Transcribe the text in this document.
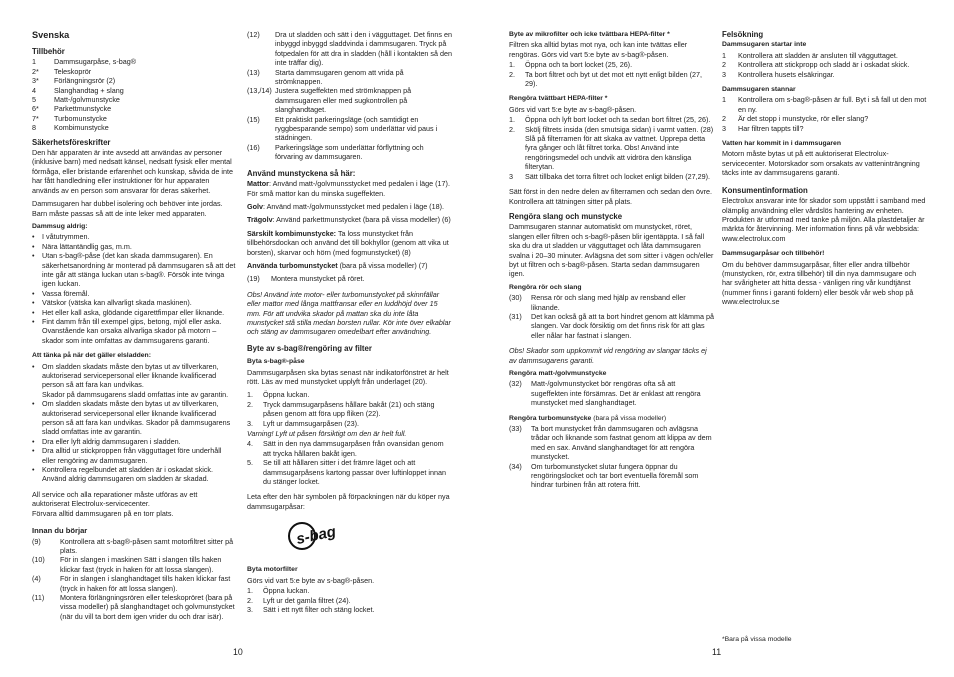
Svenska
Tillbehör
1	Dammsugarpåse, s-bag®
2*	Teleskoprör
3*	Förlängningsrör (2)
4	Slanghandtag + slang
5	Matt-/golvmunstycke
6*	Parkettmunstycke
7*	Turbomunstycke
8	Kombimunstycke
Säkerhetsföreskrifter

Den här apparaten är inte avsedd att användas av personer (inklusive barn) med nedsatt känsel, nedsatt fysisk eller mental förmåga, eller bristande erfarenhet och kunskap, såvida de inte har fått handledning eller instruktioner för hur apparaten används av en person som ansvarar för deras säkerhet.

Dammsugaren har dubbel isolering och behöver inte jordas. Barn måste passas så att de inte leker med apparaten.

Dammsug aldrig:
•	I våtutrymmen.
•	Nära lättantändlig gas, m.m.
•	Utan s-bag®-påse (det kan skada dammsugaren). En säkerhetsanordning är monterad på dammsugaren så att det inte går att stänga luckan utan s-bag®. Försök inte tvinga igen luckan.
•	Vassa föremål.
•	Vätskor (vätska kan allvarligt skada maskinen).
•	Het eller kall aska, glödande cigarettfimpar eller liknande.
•	Fint damm från till exempel gips, betong, mjöl eller aska. Ovanstående kan orsaka allvarliga skador på motorn – skador som inte omfattas av dammsugarens garanti.
Att tänka på när det gäller elsladden:
•	Om sladden skadats måste den bytas ut av tillverkaren, auktoriserad servicepersonal eller liknande kvalificerad person så att fara kan undvikas.
Skador på dammsugarens sladd omfattas inte av garantin.
•	Om sladden skadats måste den bytas ut av tillverkaren, auktoriserad servicepersonal eller liknande kvalificerad person så att fara kan undvikas. Skador på dammsugarens sladd omfattas inte av garantin.
•	Dra eller lyft aldrig dammsugaren i sladden.
•	Dra alltid ur stickproppen från vägguttaget före underhåll eller rengöring av dammsugaren.
•	Kontrollera regelbundet att sladden är i oskadat skick. Använd aldrig dammsugaren om sladden är skadad.

All service och alla reparationer måste utföras av ett auktoriserat Electrolux-servicecenter.

Förvara alltid dammsugaren på en torr plats.

Innan du börjar
(9)	Kontrollera att s-bag®-påsen samt motorfiltret sitter på plats.
(10)	För in slangen i maskinen Sätt i slangen tills haken klickar fast (tryck in haken för att lossa slangen).
(4)	För in slangen i slanghandtaget tills haken klickar fast (tryck in haken för att lossa slangen).
(11)	Montera förlängningsrören eller teleskopröret (bara på vissa modeller) på slanghandtaget och golvmunstycket (när du vill ta bort dem igen vrider du och drar isär).
(12)	Dra ut sladden och sätt i den i vägguttaget. Det finns en inbyggd inbyggd sladdvinda i dammsugaren. Tryck på fotpedalen för att dra in sladden (håll i kontakten så den inte träffar dig).
(13)	Starta dammsugaren genom att vrida på strömknappen.
(13,/14) Justera sugeffekten med strömknappen på dammsugaren eller med sugkontrollen på slanghandtaget.
(15)	Ett praktiskt parkeringsläge (och samtidigt en ryggbesparande sempo) som underlättar vid paus i städningen.
(16)	Parkeringsläge som underlättar förflyttning och förvaring av dammsugaren.
Använd munstyckena så här:

Mattor: Använd matt-/golvmunsstycket med pedalen i läge (17). För små mattor kan du minska sugeffekten.

Golv: Använd matt-/golvmunsstycket med pedalen i läge (18).

Trägolv: Använd parkettmunstycket (bara på vissa modeller) (6)

Särskilt kombimunstycke: Ta loss munstycket från tillbehörsdockan och använd det till bokhyllor (genom att vika ut borsten), skarvar och hörn (med fogmunstycket) (8)

Använda turbomunstycket (bara på vissa modeller) (7)

(19)	Montera munstycket på röret.

Obs! Använd inte motor- eller turbomunstycket på skinnfällar eller mattor med långa mattfransar eller en luddhöjd över 15 mm. För att undvika skador på mattan ska du inte låta munstycket stå stilla medan borsten rullar. Kör inte över elkablar och stäng av dammsugaren omedelbart efter användning.

Byte av s-bag®/rengöring av filter
Byta s-bag®-påse

Dammsugarpåsen ska bytas senast när indikatorfönstret är helt rött. Läs av med munstycket upplyft från underlaget (20).

1.	Öppna luckan.
2.	Tryck dammsugarpåsens hållare bakåt (21) och stäng påsen genom att föra upp fliken (22).
3.	Lyft ur dammsugarpåsen (23).

Varning! Lyft ut påsen försiktigt om den är helt full.

4.	Sätt in den nya dammsugarpåsen från ovansidan genom att trycka hållaren bakåt igen.
5.	Se till att hållaren sitter i det främre läget och att dammsugarpåsens kartong passar över luftinloppet innan du stänger locket.

Leta efter den här symbolen på förpackningen när du köper nya dammsugarpåsar:

s-bag
Byta motorfilter

Görs vid vart 5:e byte av s-bag®-påsen.

1.	Öppna luckan.
2.	Lyft ur det gamla filtret (24).
3.	Sätt i ett nytt filter och stäng locket.
Byte av mikrofilter och icke tvättbara HEPA-filter *

Filtren ska alltid bytas mot nya, och kan inte tvättas eller rengöras. Görs vid vart 5:e byte av s-bag®-påsen.

1.	Öppna och ta bort locket (25, 26).
2.	Ta bort filtret och byt ut det mot ett nytt enligt bilden (27, 29).
Rengöra tvättbart HEPA-filter *

Görs vid vart 5:e byte av s-bag®-påsen.

1.	Öppna och lyft bort locket och ta sedan bort filtret (25, 26).
2.	Skölj filtrets insida (den smutsiga sidan) i varmt vatten. (28) Slå på filterramen för att skaka av vattnet. Upprepa detta fyra gånger och låt filtret torka. Obs! Använd inte rengöringsmedel och undvik att vidröra den känsliga filterytan.
3	Sätt tillbaka det torra filtret och locket enligt bilden (27,29).

Sätt först in den nedre delen av filterramen och sedan den övre. Kontrollera att tätningen sitter på plats.

Rengöra slang och munstycke

Dammsugaren stannar automatiskt om munstycket, röret, slangen eller filtren och s-bag®-påsen blir igentäppta. I så fall ska du dra ut sladden ur vägguttaget och låta dammsugaren svalna i 20–30 minuter. Avlägsna det som sitter i vägen och/eller byt ut filtren och s-bag®-påsen. Starta sedan dammsugaren igen.

Rengöra rör och slang
(30)	Rensa rör och slang med hjälp av rensband eller liknande.
(31)	Det kan också gå att ta bort hindret genom att klämma på slangen. Var dock försiktig om det finns risk för att glas eller nålar har fastnat i slangen.

Obs! Skador som uppkommit vid rengöring av slangar täcks ej av dammsugarens garanti.

Rengöra matt-/golvmunstycke
(32)	Matt-/golvmunstycket bör rengöras ofta så att sugeffekten inte försämras. Det är enklast att rengöra munstycket med slanghandtaget.
Rengöra turbomunstycke (bara på vissa modeller)
(33)	Ta bort munstycket från dammsugaren och avlägsna trådar och liknande som fastnat genom att klippa av dem med en sax. Använd slanghandtaget för att rengöra munstycket.
(34)	Om turbomunstycket slutar fungera öppnar du rengöringslocket och tar bort eventuella föremål som hindrar turbinen från att rotera fritt.
Felsökning
Dammsugaren startar inte
1	Kontrollera att sladden är ansluten till vägguttaget.
2	Kontrollera att stickpropp och sladd är i oskadat skick.
3	Kontrollera husets elsäkringar.
Dammsugaren stannar
1	Kontrollera om s-bag®-påsen är full. Byt i så fall ut den mot en ny.
2	Är det stopp i munstycke, rör eller slang?
3	Har filtren tappts till?
Vatten har kommit in i dammsugaren

Motorn måste bytas ut på ett auktoriserat Electrolux-servicecenter. Motorskador som orsakats av vatteninträngning täcks inte av dammsugarens garanti.

Konsumentinformation

Electrolux ansvarar inte för skador som uppstått i samband med olämplig användning eller vårdslös hantering av enheten.

Produkten är utformad med tanke på miljön. Alla plastdetaljer är märkta för återvinning. Mer information finns på vår webbsida: www.electrolux.com

Dammsugarpåsar och tillbehör!

Om du behöver dammsugarpåsar, filter eller andra tillbehör (munstycken, rör, extra tillbehör) till din nya dammsugare och har svårigheter att hitta dessa - vänligen ring vår kundtjänst (nummer finns i garanti foldern) eller besök vår web shop på www.electrolux.se

10	11
*Bara på vissa modelle
